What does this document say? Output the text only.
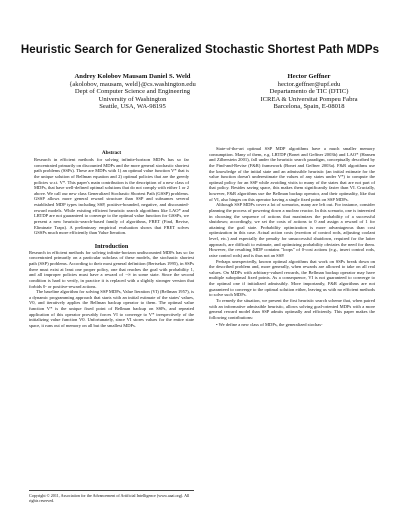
Heuristic Search for Generalized Stochastic Shortest Path MDPs
Andrey Kolobov Mausam Daniel S. Weld
{akolobov, mausam, weld}@cs.washington.edu
Dept of Computer Science and Engineering
University of Washington
Seattle, USA, WA-98195
Hector Geffner
hector.geffner@upf.edu
Departamento de TIC (DTIC)
ICREA & Universitat Pompeu Fabra
Barcelona, Spain, E-08018
Abstract

Research in efficient methods for solving infinite-horizon MDPs has so far concentrated primarily on discounted MDPs and the more general stochastic shortest path problems (SSPs). These are MDPs with 1) an optimal value function V* that is the unique solution of Bellman equation and 2) optimal policies that are the greedy policies w.r.t. V*. This paper's main contribution is the description of a new class of MDPs, that have well-defined optimal solutions that do not comply with either 1 or 2 above. We call our new class Generalized Stochastic Shortest Path (GSSP) problems. GSSP allows more general reward structure than SSP and subsumes several established MDP types including SSP, positive-bounded, negative, and discounted-reward models. While existing efficient heuristic search algorithms like LAO* and LRTDP are not guaranteed to converge to the optimal value function for GSSPs, we present a new heuristic-search-based family of algorithms, FRET (Find, Revise, Eliminate Traps). A preliminary empirical evaluation shows that FRET solves GSSPs much more efficiently than Value Iteration.

Introduction

Research in efficient methods for solving infinite-horizon undiscounted MDPs has so far concentrated primarily on a particular subclass of these models, the stochastic shortest path (SSP) problems. According to their most general definition (Bertsekas 1995), in SSPs there must exist at least one proper policy, one that reaches the goal with probability 1, and all improper policies must have a reward of −∞ in some state. Since the second condition is hard to verify, in practice it is replaced with a slightly stronger version that forbids 0- or positive-reward actions.

The baseline algorithm for solving SSP MDPs, Value Iteration (VI) (Bellman 1957), is a dynamic programming approach that starts with an initial estimate of the states' values, V0, and iteratively applies the Bellman backup operator to them. The optimal value function V* is the unique fixed point of Bellman backup on SSPs, and repeated application of this operator provably forces VI to converge to V* irrespectively of the initializing value function V0. Unfortunately, since VI stores values for the entire state space, it runs out of memory on all but the smallest MDPs.

State-of-the-art optimal SSP MDP algorithms have a much smaller memory consumption. Many of them, e.g. LRTDP (Bonet and Geffner 2003b) and LAO* (Hansen and Zilberstein 2001), fall under the heuristic search paradigm, conceptually described by the Find-and-Revise (F&R) framework (Bonet and Geffner 2003a). F&R algorithms use the knowledge of the initial state and an admissible heuristic (an initial estimate for the value function doesn't underestimate the values of any states under V*) to compute the optimal policy for an SSP while avoiding visits to many of the states that are not part of that policy. Besides saving space, this makes them significantly faster than VI. Crucially, however, F&R algorithms use the Bellman backup operator, and their optimality, like that of VI, also hinges on this operator having a single fixed point on SSP MDPs.

Although SSP MDPs cover a lot of scenarios, many are left out. For instance, consider planning the process of powering down a nuclear reactor. In this scenario, one is interested in choosing the sequence of actions that maximizes the probability of a successful shutdown; accordingly, we set the costs of actions to 0 and assign a reward of 1 for attaining the goal state. Probability optimization is more advantageous than cost optimization in this case. Actual action costs (exertion of control rods, adjusting coolant level, etc.) and especially the penalty for unsuccessful shutdown, required for the latter approach, are difficult to estimate, and optimizing probability obviates the need for them. However, the resulting MDP contains "loops" of 0-cost actions (e.g., insert control rods, raise control rods) and is thus not an SSP.

Perhaps unexpectedly, known optimal algorithms that work on SSPs break down on the described problem and, more generally, when rewards are allowed to take on all real values. On MDPs with arbitrary-valued rewards, the Bellman backup operator may have multiple suboptimal fixed points. As a consequence, VI is not guaranteed to converge to the optimal one if initialized admissibly. More importantly, F&R algorithms are not guaranteed to converge to the optimal solution either, leaving us with no efficient methods to solve such MDPs.

To remedy the situation, we present the first heuristic search scheme that, when paired with an informative admissible heuristic, allows solving goal-oriented MDPs with a more general reward model than SSP admits optimally and efficiently. This paper makes the following contributions:

• We define a new class of MDPs, the generalized stochas-

Copyright © 2011, Association for the Advancement of Artificial Intelligence (www.aaai.org). All rights reserved.
